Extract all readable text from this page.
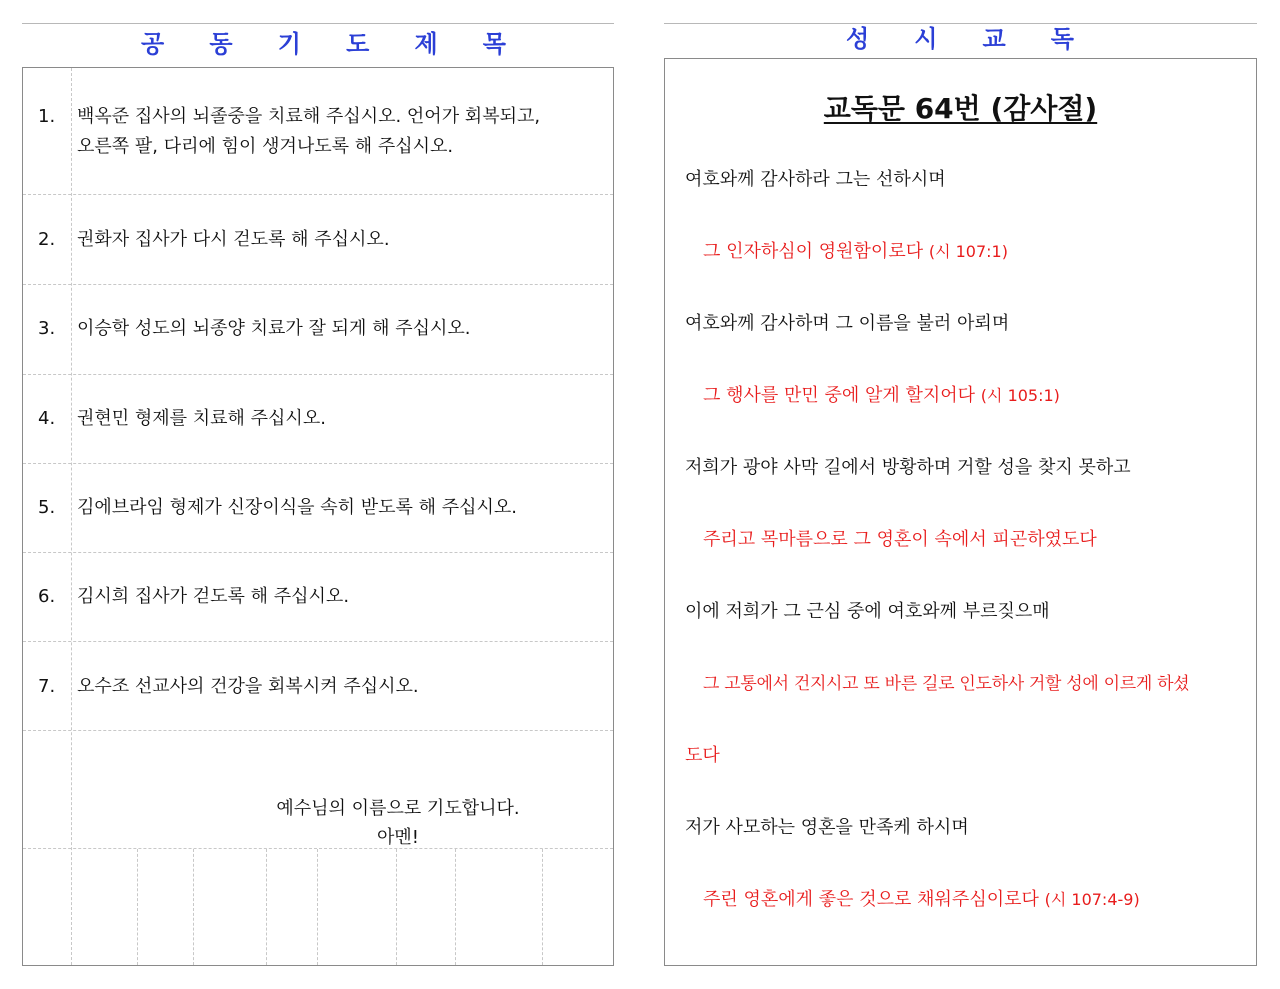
공 동 기 도 제 목
1. 백옥준 집사의 뇌졸중을 치료해 주십시오. 언어가 회복되고,
오른쪽 팔, 다리에 힘이 생겨나도록 해 주십시오.
2. 권화자 집사가 다시 걷도록 해 주십시오.
3. 이승학 성도의 뇌종양 치료가 잘 되게 해 주십시오.
4. 권현민 형제를 치료해 주십시오.
5. 김에브라임 형제가 신장이식을 속히 받도록 해 주십시오.
6. 김시희 집사가 걷도록 해 주십시오.
7. 오수조 선교사의 건강을 회복시켜 주십시오.
예수님의 이름으로 기도합니다.
아멘!
성 시 교 독
교독문 64번 (감사절)
여호와께 감사하라 그는 선하시며
그 인자하심이 영원함이로다 (시 107:1)
여호와께 감사하며 그 이름을 불러 아뢰며
그 행사를 만민 중에 알게 할지어다 (시 105:1)
저희가 광야 사막 길에서 방황하며 거할 성을 찾지 못하고
주리고 목마름으로 그 영혼이 속에서 피곤하였도다
이에 저희가 그 근심 중에 여호와께 부르짖으매
그 고통에서 건지시고 또 바른 길로 인도하사 거할 성에 이르게 하셨
도다
저가 사모하는 영혼을 만족케 하시며
주린 영혼에게 좋은 것으로 채워주심이로다 (시 107:4-9)
